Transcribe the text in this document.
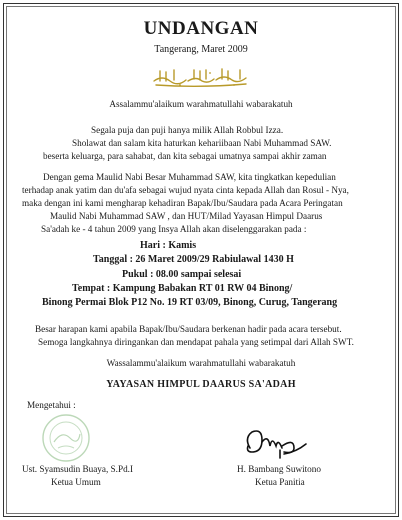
UNDANGAN
Tangerang, Maret 2009
Assalammu'alaikum warahmatullahi wabarakatuh
Segala puja dan puji hanya milik Allah Robbul Izza.
Sholawat dan salam kita haturkan kehariibaan Nabi Muhammad SAW.
beserta keluarga, para sahabat, dan kita sebagai umatnya sampai akhir zaman
Dengan gema Maulid Nabi Besar Muhammad SAW, kita tingkatkan kepedulian
terhadap anak yatim dan du'afa sebagai wujud nyata cinta kepada Allah dan Rosul - Nya,
maka dengan ini kami mengharap kehadiran Bapak/Ibu/Saudara pada Acara Peringatan
Maulid Nabi Muhammad SAW , dan HUT/Milad Yayasan Himpul Daarus
Sa'adah ke - 4 tahun 2009 yang Insya Allah akan diselenggarakan pada :
Hari : Kamis
Tanggal : 26 Maret 2009/29 Rabiulawal 1430 H
Pukul : 08.00 sampai selesai
Tempat : Kampung Babakan RT 01 RW 04 Binong/
Binong Permai Blok P12 No. 19 RT 03/09, Binong, Curug, Tangerang
Besar harapan kami apabila Bapak/Ibu/Saudara berkenan hadir pada acara tersebut.
Semoga langkahnya diringankan dan mendapat pahala yang setimpal dari Allah SWT.
Wassalammu'alaikum warahmatullahi wabarakatuh
YAYASAN HIMPUL DAARUS SA'ADAH
Mengetahui :
Ust. Syamsudin Buaya, S.Pd.I
Ketua Umum
H. Bambang Suwitono
Ketua Panitia
